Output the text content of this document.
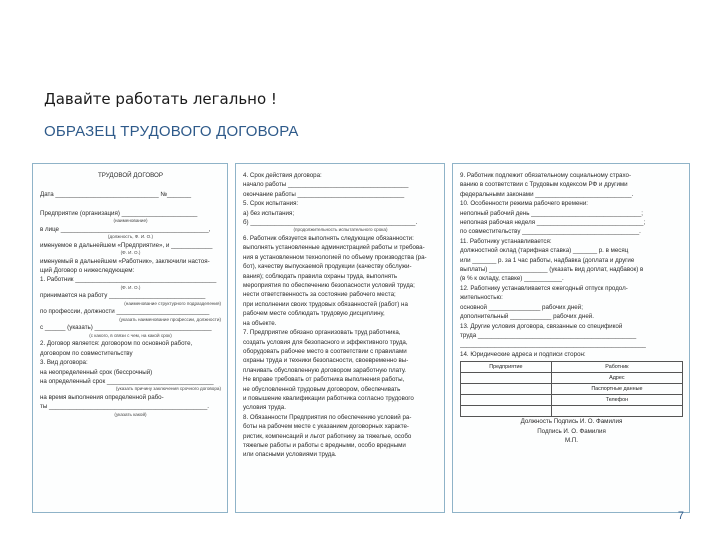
Давайте работать легально !
ОБРАЗЕЦ ТРУДОВОГО ДОГОВОРА
ТРУДОВОЙ ДОГОВОР

Дата ______________________________ №_______

Предприятие (организация) ______________________
(наименование)
в лице ___________________________________________,
(должность, Ф. И. О.)
именуемое в дальнейшем «Предприятие», и ____________
(Ф. И. О.)
именуемый в дальнейшем «Работник», заключили настоя-
щий Договор о нижеследующем:
1. Работник _________________________________________
(Ф. И. О.)
принимается на работу ____________________________
(наименование структурного подразделения)
по профессии, должности ___________________________
(указать наименование профессии, должности)
с ______ (указать) __________________________________
(с какого, в связи с чем, на какой срок)
2. Договор является: договором по основной работе,
договором по совместительству
3. Вид договора:
на неопределенный срок (бессрочный)
на определенный срок _______________________________
(указать причину заключения срочного договора)
на время выполнения определенной рабо-
ты ______________________________________________.
(указать какой)
4. Срок действия договора:
начало работы ___________________________________
окончание работы _______________________________
5. Срок испытания:
а) без испытания;
б) ________________________________________________.
(продолжительность испытательного срока)
6. Работник обязуется выполнять следующие обязанности:
выполнять установленные администрацией работы и требова-
ния в установленном технологией по объему производства (ра-
бот), качеству выпускаемой продукции (качеству обслужи-
вания); соблюдать правила охраны труда, выполнять
мероприятия по обеспечению безопасности условий труда;
нести ответственность за состояние рабочего места;
при исполнении своих трудовых обязанностей (работ) на
рабочем месте соблюдать трудовую дисциплину,
на объекте.
7. Предприятие обязано организовать труд работника,
создать условия для безопасного и эффективного труда,
оборудовать рабочее место в соответствии с правилами
охраны труда и техники безопасности, своевременно вы-
плачивать обусловленную договором заработную плату.
Не вправе требовать от работника выполнения работы,
не обусловленной трудовым договором, обеспечивать
и повышение квалификации работника согласно трудового
условия труда.
8. Обязанности Предприятия по обеспечению условий ра-
боты на рабочем месте с указанием договорных характе-
ристик, компенсаций и льгот работнику за тяжелые, особо
тяжелые работы и работы с вредными, особо вредными
или опасными условиями труда.
9. Работник подлежит обязательному социальному страхо-
ванию в соответствии с Трудовым кодексом РФ и другими
федеральными законами ____________________________.
10. Особенности режима рабочего времени:
неполный рабочий день ________________________________;
неполная рабочая неделя _______________________________;
по совместительству __________________________________.
11. Работнику устанавливается:
должностной оклад (тарифная ставка) _______ р. в месяц
или _______ р. за 1 час работы, надбавка (доплата и другие
выплаты) _________________ (указать вид доплат, надбавок) в
(в % к окладу, ставке) ___________.
12. Работнику устанавливается ежегодный отпуск продол-
жительностью:
основной _______________ рабочих дней;
дополнительный ____________ рабочих дней.
13. Другие условия договора, связанные со спецификой
труда ______________________________________________
______________________________________________________
14. Юридические адреса и подписи сторон:
Предприятие	Работник
	Адрес
	Паспортные данные
	Телефон

Должность Подпись И. О. Фамилия
Подпись И. О. Фамилия
М.П.
7
